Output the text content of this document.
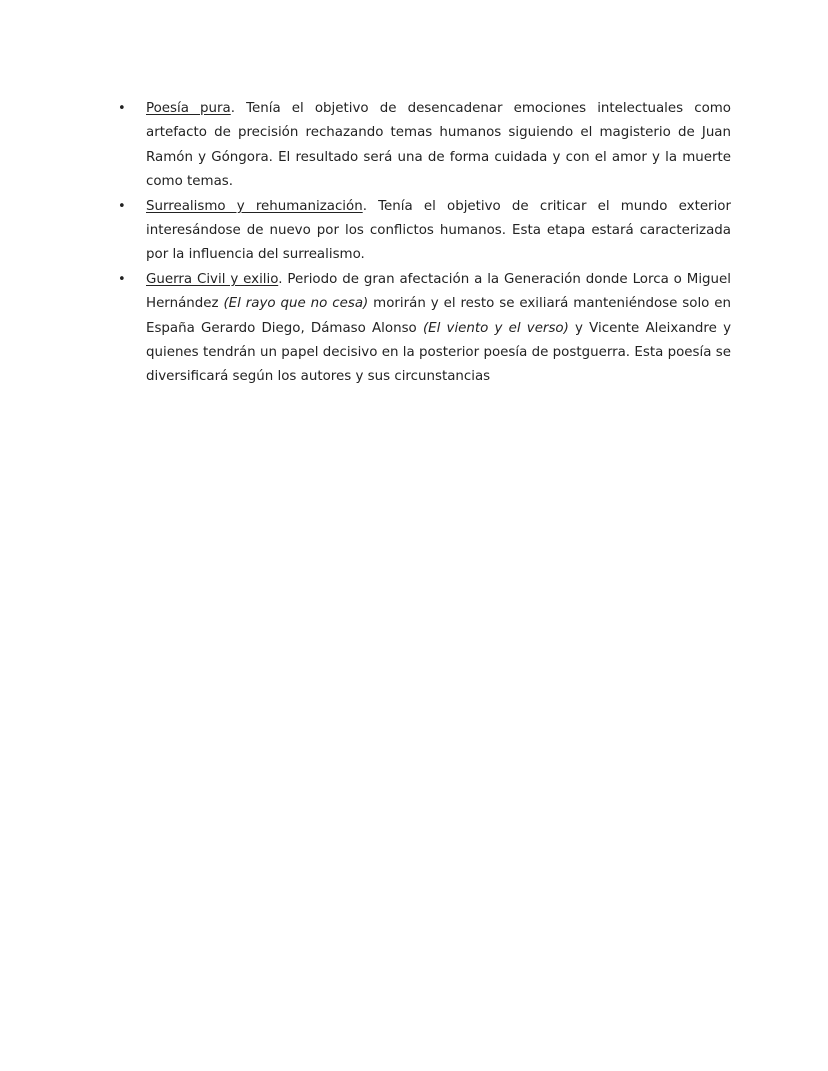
• Poesía pura. Tenía el objetivo de desencadenar emociones intelectuales como artefacto de precisión rechazando temas humanos siguiendo el magisterio de Juan Ramón y Góngora. El resultado será una de forma cuidada y con el amor y la muerte como temas.
• Surrealismo y rehumanización. Tenía el objetivo de criticar el mundo exterior interesándose de nuevo por los conflictos humanos. Esta etapa estará caracterizada por la influencia del surrealismo.
• Guerra Civil y exilio. Periodo de gran afectación a la Generación donde Lorca o Miguel Hernández (El rayo que no cesa) morirán y el resto se exiliará manteniéndose solo en España Gerardo Diego, Dámaso Alonso (El viento y el verso) y Vicente Aleixandre y quienes tendrán un papel decisivo en la posterior poesía de postguerra. Esta poesía se diversificará según los autores y sus circunstancias
